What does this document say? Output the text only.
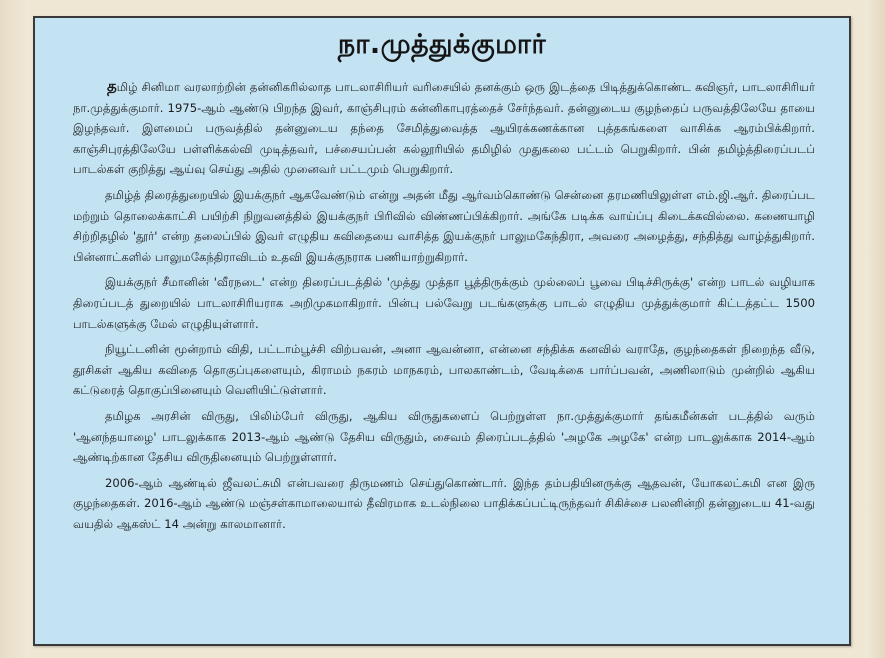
நா.முத்துக்குமார்

தமிழ் சினிமா வரலாற்றின் தன்னிகரில்லாத பாடலாசிரியர் வரிசையில் தனக்கும் ஒரு இடத்தை பிடித்துக்கொண்ட கவிஞர், பாடலாசிரியர் நா.முத்துக்குமார். 1975-ஆம் ஆண்டு பிறந்த இவர், காஞ்சிபுரம் கன்னிகாபுரத்தைச் சேர்ந்தவர். தன்னுடைய குழந்தைப் பருவத்திலேயே தாயை இழந்தவர். இளமைப் பருவத்தில் தன்னுடைய தந்தை சேமித்துவைத்த ஆயிரக்கணக்கான புத்தகங்களை வாசிக்க ஆரம்பிக்கிறார். காஞ்சிபுரத்திலேயே பள்ளிக்கல்வி முடித்தவர், பச்சையப்பன் கல்லூரியில் தமிழில் முதுகலை பட்டம் பெறுகிறார். பின் தமிழ்த்திரைப்படப் பாடல்கள் குறித்து ஆய்வு செய்து அதில் முனைவர் பட்டமும் பெறுகிறார்.

தமிழ்த் திரைத்துறையில் இயக்குநர் ஆகவேண்டும் என்று அதன் மீது ஆர்வம்கொண்டு சென்னை தரமணியிலுள்ள எம்.ஜி.ஆர். திரைப்பட மற்றும் தொலைக்காட்சி பயிற்சி நிறுவனத்தில் இயக்குநர் பிரிவில் விண்ணப்பிக்கிறார். அங்கே படிக்க வாய்ப்பு கிடைக்கவில்லை. கணையாழி சிற்றிதழில் 'தூர்' என்ற தலைப்பில் இவர் எழுதிய கவிதையை வாசித்த இயக்குநர் பாலுமகேந்திரா, அவரை அழைத்து, சந்தித்து வாழ்த்துகிறார். பின்னாட்களில் பாலுமகேந்திராவிடம் உதவி இயக்குநராக பணியாற்றுகிறார்.

இயக்குநர் சீமானின் 'வீரநடை' என்ற திரைப்படத்தில் 'முத்து முத்தா பூத்திருக்கும் முல்லைப் பூவை பிடிச்சிருக்கு' என்ற பாடல் வழியாக திரைப்படத் துறையில் பாடலாசிரியராக அறிமுகமாகிறார். பின்பு பல்வேறு படங்களுக்கு பாடல் எழுதிய முத்துக்குமார் கிட்டத்தட்ட 1500 பாடல்களுக்கு மேல் எழுதியுள்ளார்.

நியூட்டனின் மூன்றாம் விதி, பட்டாம்பூச்சி விற்பவன், அனா ஆவன்னா, என்னை சந்திக்க கனவில் வராதே, குழந்தைகள் நிறைந்த வீடு, தூசிகள் ஆகிய கவிதை தொகுப்புகளையும், கிராமம் நகரம் மாநகரம், பாலகாண்டம், வேடிக்கை பார்ப்பவன், அணிலாடும் முன்றில் ஆகிய கட்டுரைத் தொகுப்பினையும் வெளியிட்டுள்ளார்.

தமிழக அரசின் விருது, பிலிம்பேர் விருது, ஆகிய விருதுகளைப் பெற்றுள்ள நா.முத்துக்குமார் தங்கமீன்கள் படத்தில் வரும் 'ஆனந்தயாழை' பாடலுக்காக 2013-ஆம் ஆண்டு தேசிய விருதும், சைவம் திரைப்படத்தில் 'அழகே அழகே' என்ற பாடலுக்காக 2014-ஆம் ஆண்டிற்கான தேசிய விருதினையும் பெற்றுள்ளார்.

2006-ஆம் ஆண்டில் ஜீவலட்சுமி என்பவரை திருமணம் செய்துகொண்டார். இந்த தம்பதியினருக்கு ஆதவன், யோகலட்சுமி என இரு குழந்தைகள். 2016-ஆம் ஆண்டு மஞ்சள்காமாலையால் தீவிரமாக உடல்நிலை பாதிக்கப்பட்டிருந்தவர் சிகிச்சை பலனின்றி தன்னுடைய 41-வது வயதில் ஆகஸ்ட் 14 அன்று காலமானார்.
